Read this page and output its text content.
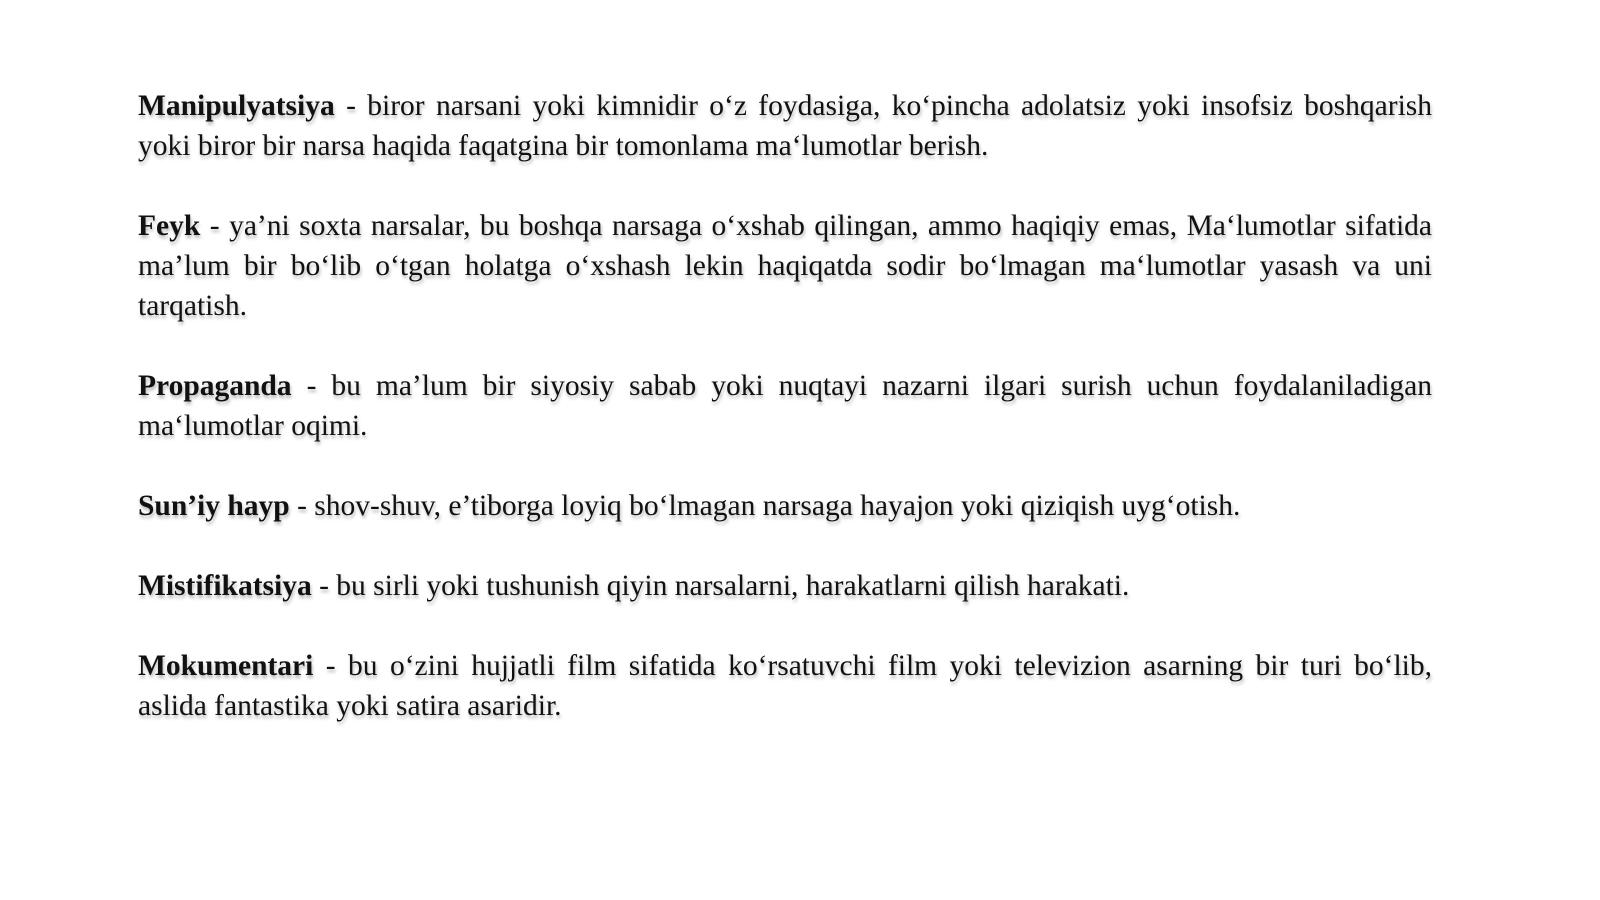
Manipulyatsiya - biror narsani yoki kimnidir oʻz foydasiga, koʻpincha adolatsiz yoki insofsiz boshqarish yoki biror bir narsa haqida faqatgina bir tomonlama maʻlumotlar berish.

Feyk - ya’ni soxta narsalar, bu boshqa narsaga oʻxshab qilingan, ammo haqiqiy emas, Maʻlumotlar sifatida ma’lum bir boʻlib oʻtgan holatga oʻxshash lekin haqiqatda sodir boʻlmagan maʻlumotlar yasash va uni tarqatish.

Propaganda - bu ma’lum bir siyosiy sabab yoki nuqtayi nazarni ilgari surish uchun foydalaniladigan maʻlumotlar oqimi.

Sun’iy hayp - shov-shuv, e’tiborga loyiq boʻlmagan narsaga hayajon yoki qiziqish uygʻotish.

Mistifikatsiya - bu sirli yoki tushunish qiyin narsalarni, harakatlarni qilish harakati.

Mokumentari - bu oʻzini hujjatli film sifatida koʻrsatuvchi film yoki televizion asarning bir turi boʻlib, aslida fantastika yoki satira asaridir.
